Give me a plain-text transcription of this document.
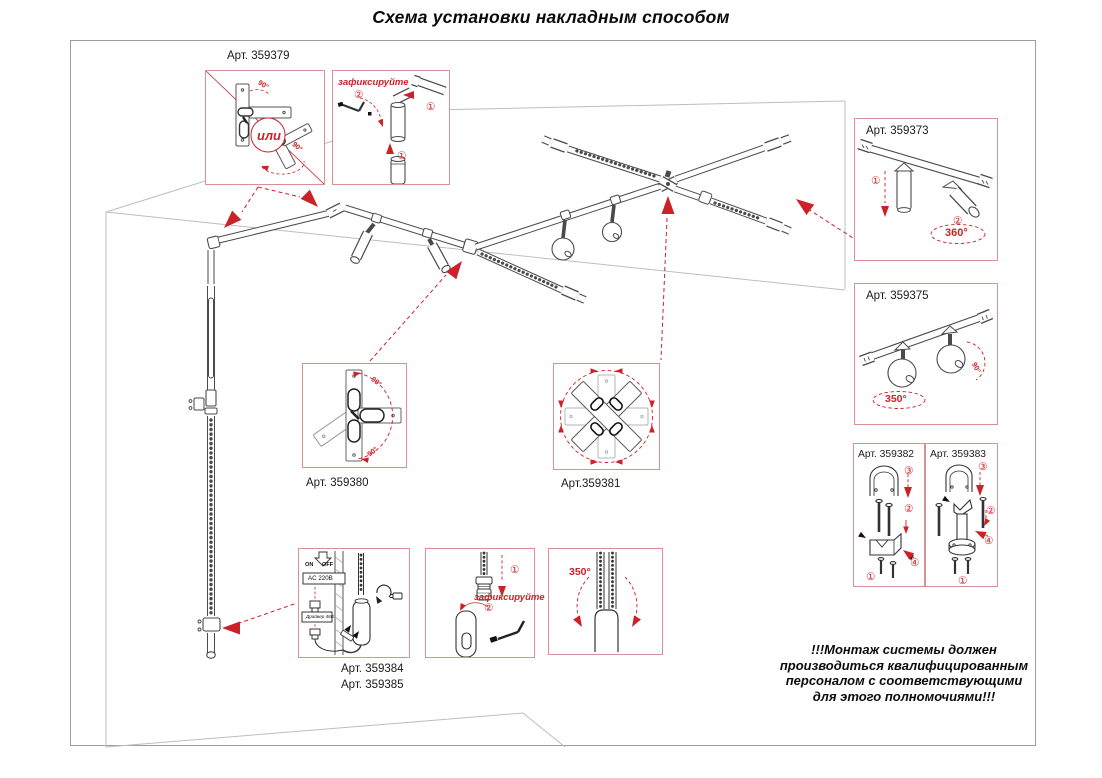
Схема установки накладным способом
Арт. 359379
90°
90°
или
зафиксируйте
②
①
①
Арт. 359373
①
②
360°
Арт. 359375
350°
90°
Арт. 359382
③
②
①
④
Арт. 359383
③
②
④
①
90°
90°
Арт. 359380	Арт.359381
ON OFF
AC 220В
Драйвер 48В
Арт. 359384
Арт. 359385
①
зафиксируйте
②
350°
!!!Монтаж системы должен
производиться квалифицированным
персоналом с соответствующими
для этого полномочиями!!!
